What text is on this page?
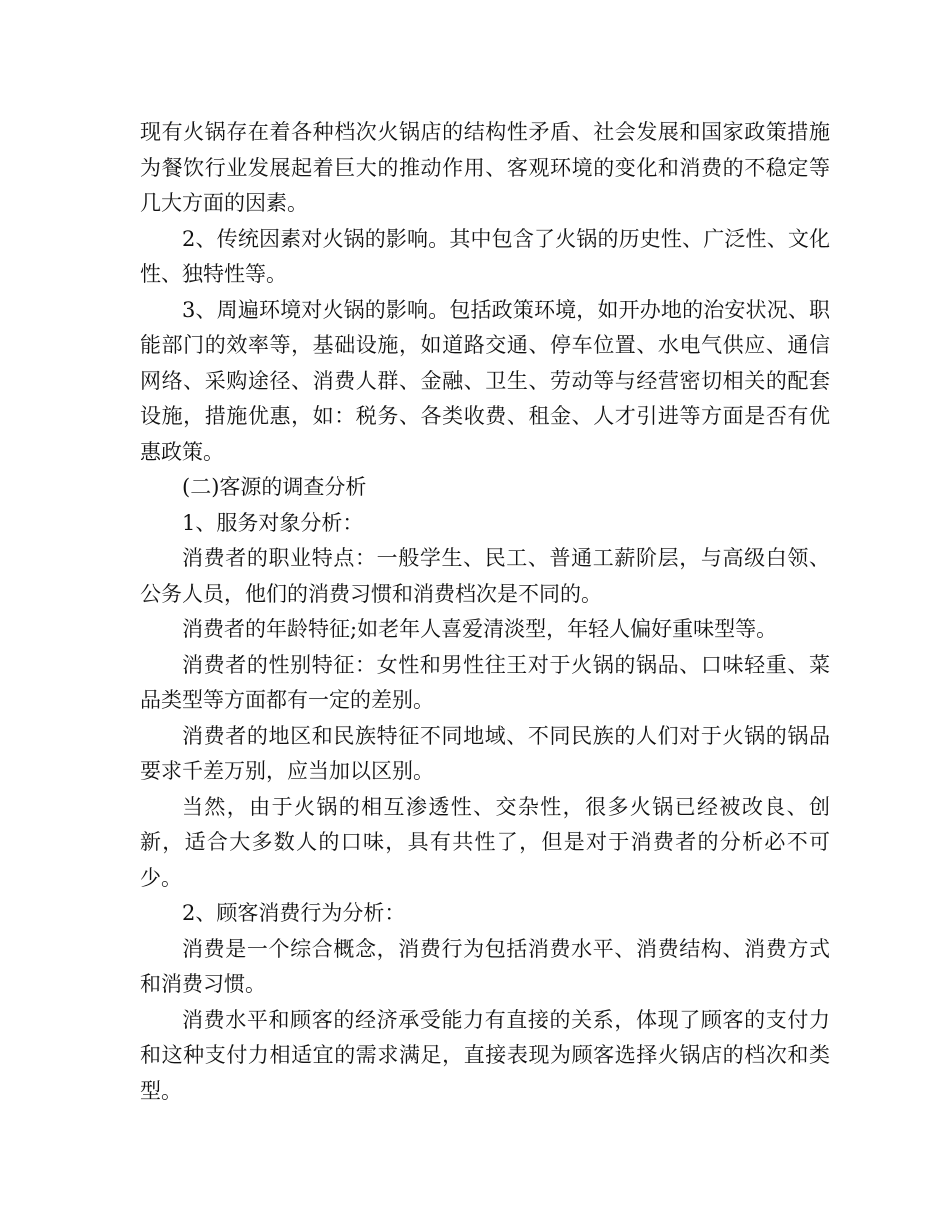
现有火锅存在着各种档次火锅店的结构性矛盾、社会发展和国家政策措施为餐饮行业发展起着巨大的推动作用、客观环境的变化和消费的不稳定等几大方面的因素。

2、传统因素对火锅的影响。其中包含了火锅的历史性、广泛性、文化性、独特性等。

3、周遍环境对火锅的影响。包括政策环境，如开办地的治安状况、职能部门的效率等，基础设施，如道路交通、停车位置、水电气供应、通信网络、采购途径、消费人群、金融、卫生、劳动等与经营密切相关的配套设施，措施优惠，如：税务、各类收费、租金、人才引进等方面是否有优惠政策。

(二)客源的调查分析

1、服务对象分析：

消费者的职业特点：一般学生、民工、普通工薪阶层，与高级白领、公务人员，他们的消费习惯和消费档次是不同的。

消费者的年龄特征;如老年人喜爱清淡型，年轻人偏好重味型等。

消费者的性别特征：女性和男性往王对于火锅的锅品、口味轻重、菜品类型等方面都有一定的差别。

消费者的地区和民族特征不同地域、不同民族的人们对于火锅的锅品要求千差万别，应当加以区别。

当然，由于火锅的相互渗透性、交杂性，很多火锅已经被改良、创新，适合大多数人的口味，具有共性了，但是对于消费者的分析必不可少。

2、顾客消费行为分析：

消费是一个综合概念，消费行为包括消费水平、消费结构、消费方式和消费习惯。

消费水平和顾客的经济承受能力有直接的关系，体现了顾客的支付力和这种支付力相适宜的需求满足，直接表现为顾客选择火锅店的档次和类型。
